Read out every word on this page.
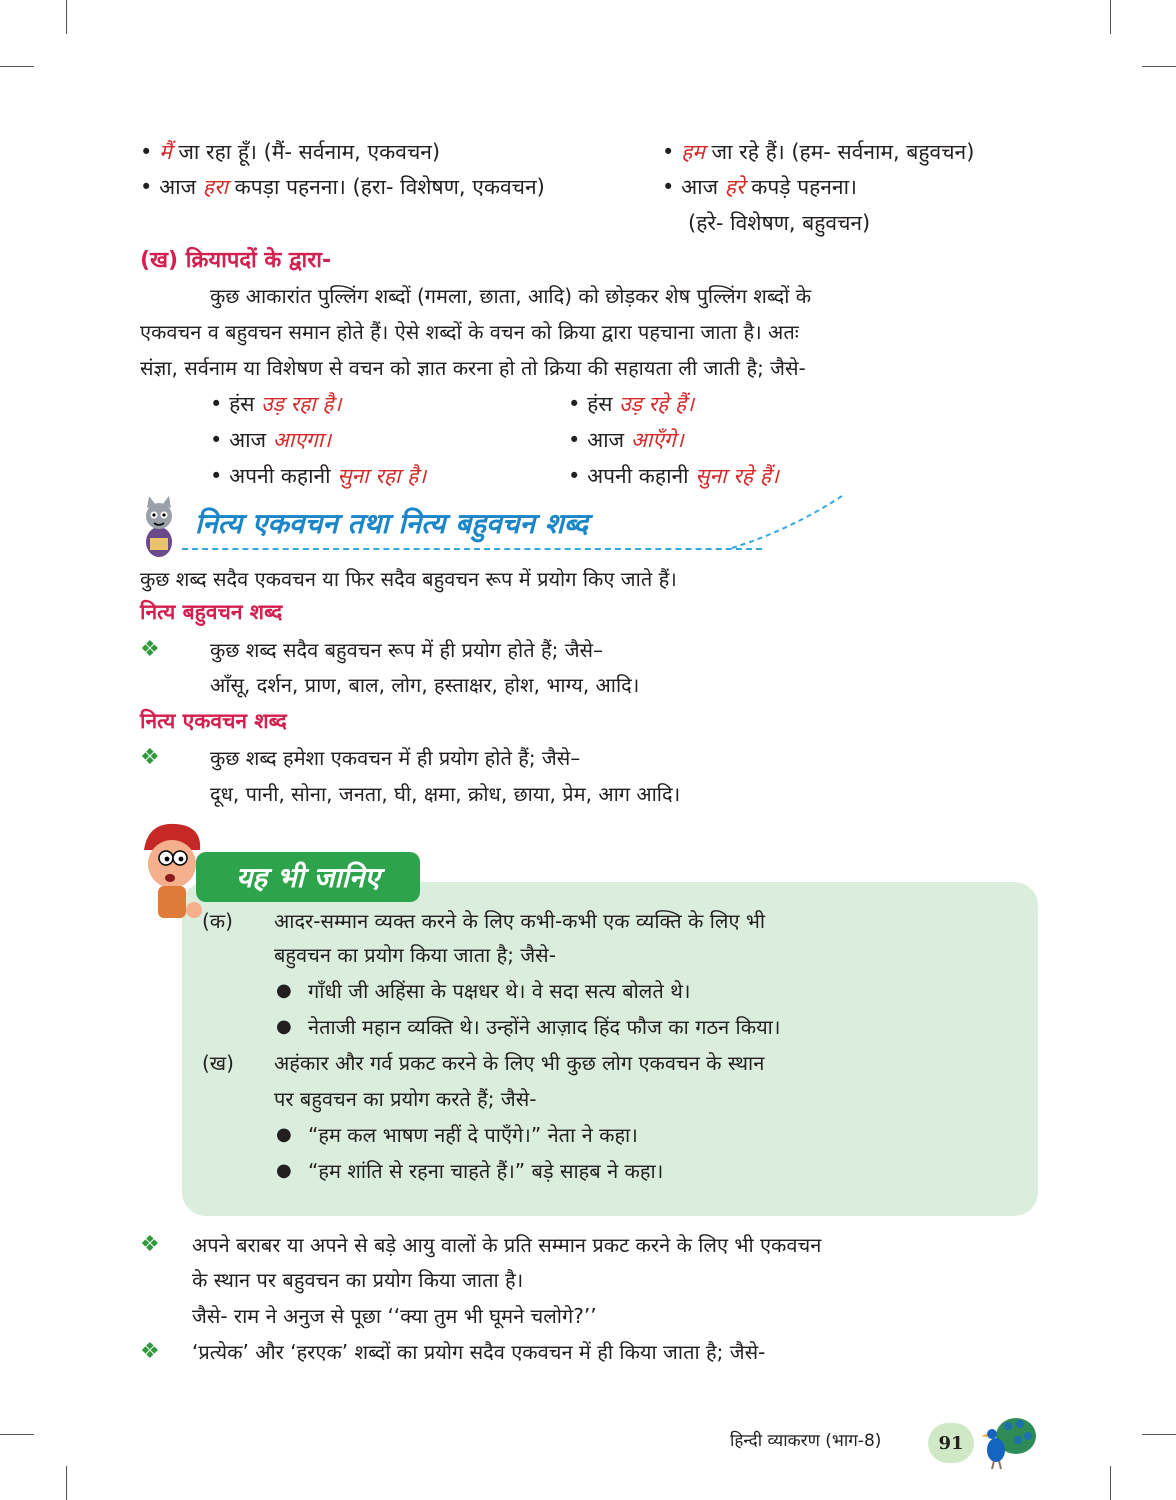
• मैं जा रहा हूँ। (मैं- सर्वनाम, एकवचन)	• हम जा रहे हैं। (हम- सर्वनाम, बहुवचन)
• आज हरा कपड़ा पहनना। (हरा- विशेषण, एकवचन)	• आज हरे कपड़े पहनना।
(हरे- विशेषण, बहुवचन)
(ख) क्रियापदों के द्वारा-
कुछ आकारांत पुल्लिंग शब्दों (गमला, छाता, आदि) को छोड़कर शेष पुल्लिंग शब्दों के
एकवचन व बहुवचन समान होते हैं। ऐसे शब्दों के वचन को क्रिया द्वारा पहचाना जाता है। अतः
संज्ञा, सर्वनाम या विशेषण से वचन को ज्ञात करना हो तो क्रिया की सहायता ली जाती है; जैसे-
• हंस उड़ रहा है।	• हंस उड़ रहे हैं।
• आज आएगा।	• आज आएँगे।
• अपनी कहानी सुना रहा है।	• अपनी कहानी सुना रहे हैं।
नित्य एकवचन तथा नित्य बहुवचन शब्द
कुछ शब्द सदैव एकवचन या फिर सदैव बहुवचन रूप में प्रयोग किए जाते हैं।
नित्य बहुवचन शब्द
❖	कुछ शब्द सदैव बहुवचन रूप में ही प्रयोग होते हैं; जैसे–
आँसू, दर्शन, प्राण, बाल, लोग, हस्ताक्षर, होश, भाग्य, आदि।
नित्य एकवचन शब्द
❖	कुछ शब्द हमेशा एकवचन में ही प्रयोग होते हैं; जैसे–
दूध, पानी, सोना, जनता, घी, क्षमा, क्रोध, छाया, प्रेम, आग आदि।
यह भी जानिए
(क) आदर-सम्मान व्यक्त करने के लिए कभी-कभी एक व्यक्ति के लिए भी
बहुवचन का प्रयोग किया जाता है; जैसे-
● गाँधी जी अहिंसा के पक्षधर थे। वे सदा सत्य बोलते थे।
● नेताजी महान व्यक्ति थे। उन्होंने आज़ाद हिंद फौज का गठन किया।
(ख) अहंकार और गर्व प्रकट करने के लिए भी कुछ लोग एकवचन के स्थान
पर बहुवचन का प्रयोग करते हैं; जैसे-
● “हम कल भाषण नहीं दे पाएँगे।” नेता ने कहा।
● “हम शांति से रहना चाहते हैं।” बड़े साहब ने कहा।
❖ अपने बराबर या अपने से बड़े आयु वालों के प्रति सम्मान प्रकट करने के लिए भी एकवचन
के स्थान पर बहुवचन का प्रयोग किया जाता है।
जैसे- राम ने अनुज से पूछा ‘‘क्या तुम भी घूमने चलोगे?’’
❖ ‘प्रत्येक’ और ‘हरएक’ शब्दों का प्रयोग सदैव एकवचन में ही किया जाता है; जैसे-
हिन्दी व्याकरण (भाग-8)	91
